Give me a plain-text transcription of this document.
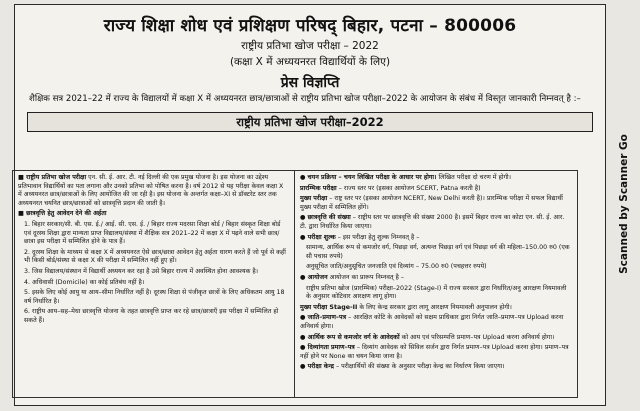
राज्य शिक्षा शोध एवं प्रशिक्षण परिषद् बिहार, पटना – 800006
राष्ट्रीय प्रतिभा खोज परीक्षा – 2022
(कक्षा X में अध्ययनरत विद्यार्थियों के लिए)
प्रेस विज्ञप्ति
शैक्षिक सत्र 2021–22 में राज्य के विद्यालयों में कक्षा X में अध्ययनरत छात्र/छात्राओं से राष्ट्रीय प्रतिभा खोज परीक्षा–2022 के आयोजन के संबंध में विस्तृत जानकारी निम्नवत् है :–
राष्ट्रीय प्रतिभा खोज परीक्षा–2022

■ राष्ट्रीय प्रतिभा खोज परीक्षा एन. सी. ई. आर. टी. नई दिल्ली की एक प्रमुख योजना है। इस योजना का उद्देश्य प्रतिभावान विद्यार्थियों का पता लगाना और उनको प्रतिभा को पोषित करना है। वर्ष 2012 से यह परीक्षा केवल कक्षा X में अध्ययनरत छात्र/छात्राओं के लिए आयोजित की जा रही है। इस योजना के अन्तर्गत कक्षा–XI से डॉक्टरेट स्तर तक अध्ययनरत चयनित छात्र/छात्राओं को छात्रवृत्ति प्रदान की जाती है।

■ छात्रवृत्ति हेतु आवेदन देने की अर्हता

1. बिहार सरकार/सी. बी. एस. ई./ आई. सी. एस. ई. / बिहार राज्य मदरसा शिक्षा बोर्ड / बिहार संस्कृत शिक्षा बोर्ड एवं दूरस्थ शिक्षा द्वारा मान्यता प्राप्त विद्यालय/संस्था में शैक्षिक सत्र 2021–22 में कक्षा X में पढ़ने वाले सभी छात्र/छात्रा इस परीक्षा में सम्मिलित होने के पात्र हैं।

2. दूरस्थ शिक्षा के माध्यम से कक्षा X में अध्ययनरत ऐसे छात्र/छात्रा आवेदन हेतु अर्हता धारण करते हैं जो पूर्व से कहीं भी किसी बोर्ड/संस्था से कक्षा X की परीक्षा में सम्मिलित नहीं हुए हों।

3. जिस विद्यालय/संस्थान में विद्यार्थी अध्ययन कर रहा है उसे बिहार राज्य में अवस्थित होना आवश्यक है।

4. अधिवासी (Domicile) का कोई प्रतिबंध नहीं है।

5. इसके लिए कोई आयु या आय–सीमा निर्धारित नहीं है। दूरस्थ शिक्षा से पंजीकृत छात्रों के लिए अधिकतम आयु 18 वर्ष निर्धारित है।

6. राष्ट्रीय आय–सह–मेधा छात्रवृत्ति योजना के तहत छात्रवृत्ति प्राप्त कर रहे छात्र/छात्राएँ इस परीक्षा में सम्मिलित हो सकते हैं।

● चयन प्रक्रिया – चयन लिखित परीक्षा के आधार पर होगा। लिखित परीक्षा दो चरण में होगी।

प्रारम्भिक परीक्षा – राज्य स्तर पर (इसका आयोजन SCERT, Patna करती है)

मुख्य परीक्षा – राष्ट्र स्तर पर (इसका आयोजन NCERT, New Delhi करती है)। प्रारम्भिक परीक्षा में सफल विद्यार्थी मुख्य परीक्षा में सम्मिलित होंगे।

● छात्रवृत्ति की संख्या – राष्ट्रीय स्तर पर छात्रवृत्ति की संख्या 2000 है। इसमें बिहार राज्य का कोटा एन. सी. ई. आर. टी. द्वारा निर्धारित किया जाएगा।

● परीक्षा शुल्क – इस परीक्षा हेतु शुल्क निम्नवत् है –

सामान्य, आर्थिक रूप से कमजोर वर्ग, पिछड़ा वर्ग, अत्यन्त पिछड़ा वर्ग एवं पिछड़ा वर्ग की महिला–150.00 रु0 (एक सौ पचास रुपये)

अनुसूचित जाति/अनुसूचित जनजाति एवं दिव्यांग – 75.00 रु0 (पचहत्तर रुपये)

● आयोजन आयोजन का प्रारूप निम्नवत् है –

राष्ट्रीय प्रतिभा खोज (प्रारम्भिक) परीक्षा–2022 (Stage-I) में राज्य सरकार द्वारा निर्धारित/अनु आरक्षण नियमावली के अनुसार कोटिवार आरक्षण लागू होगा।

मुख्य परीक्षा Stage-II के लिए केन्द्र सरकार द्वारा लागू आरक्षण नियमावली अनुपालन होगी।

● जाति–प्रमाण–पत्र – आरक्षित कोटि के आवेदकों को सक्षम प्राधिकार द्वारा निर्गत जाति–प्रमाण–पत्र Upload करना अनिवार्य होगा।

● आर्थिक रूप से कमजोर वर्ग के आवेदकों को आय एवं परिसम्पत्ति प्रमाण–पत्र Upload करना अनिवार्य होगा।

● दिव्यांगता प्रमाण–पत्र – दिव्यांग आवेदक को सिविल सर्जन द्वारा निर्गत प्रमाण–पत्र Upload करना होगा। प्रमाण–पत्र नहीं होने पर None का चयन किया जाना है।

● परीक्षा केन्द्र – परीक्षार्थियों की संख्या के अनुसार परीक्षा केन्द्र का निर्धारण किया जाएगा।

Scanned by Scanner Go
